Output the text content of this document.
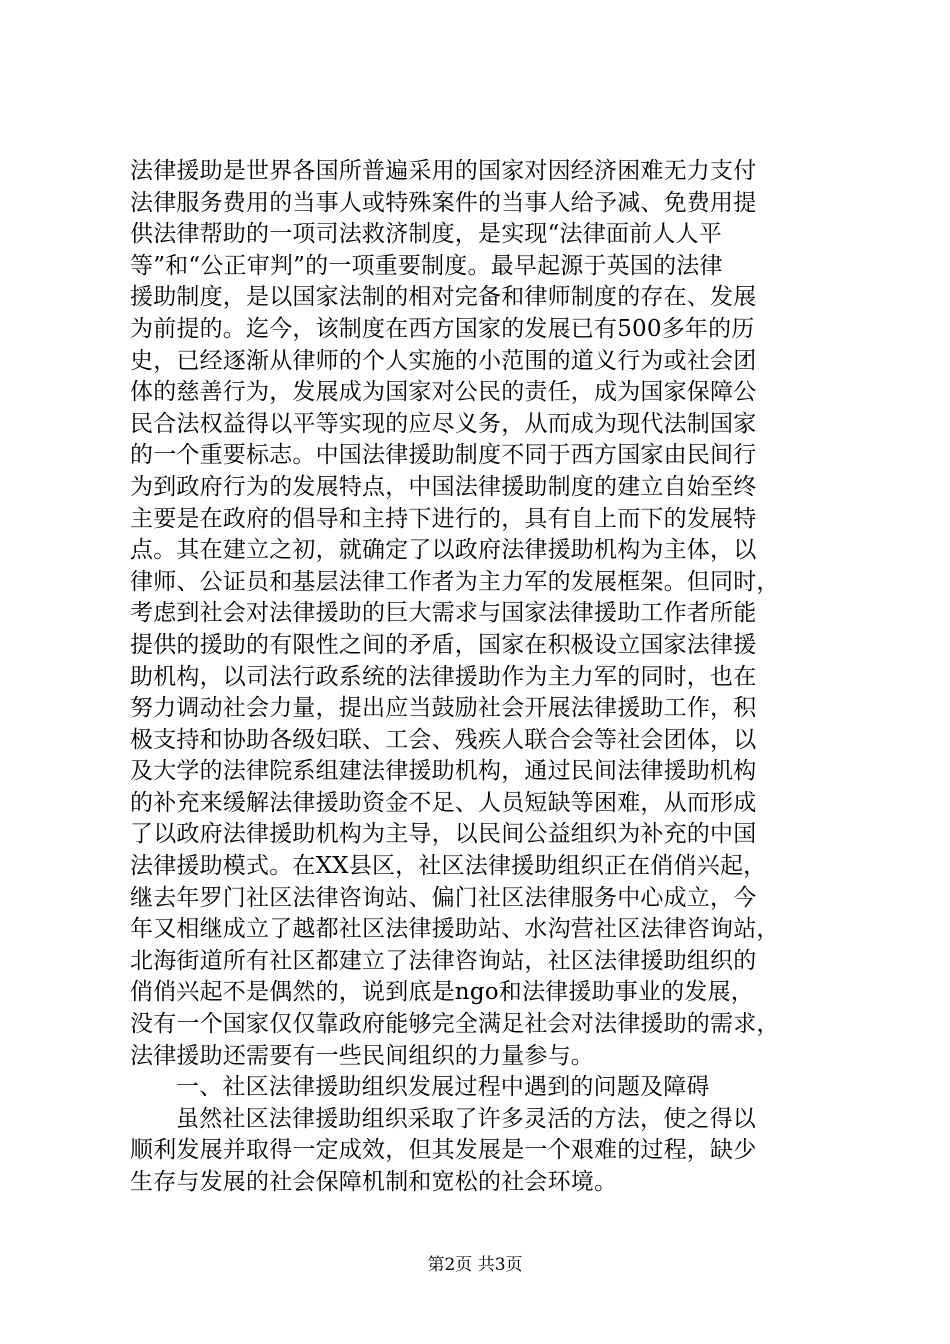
法律援助是世界各国所普遍采用的国家对因经济困难无力支付
法律服务费用的当事人或特殊案件的当事人给予减、免费用提
供法律帮助的一项司法救济制度，是实现“法律面前人人平
等”和“公正审判”的一项重要制度。最早起源于英国的法律
援助制度，是以国家法制的相对完备和律师制度的存在、发展
为前提的。迄今，该制度在西方国家的发展已有500多年的历
史，已经逐渐从律师的个人实施的小范围的道义行为或社会团
体的慈善行为，发展成为国家对公民的责任，成为国家保障公
民合法权益得以平等实现的应尽义务，从而成为现代法制国家
的一个重要标志。中国法律援助制度不同于西方国家由民间行
为到政府行为的发展特点，中国法律援助制度的建立自始至终
主要是在政府的倡导和主持下进行的，具有自上而下的发展特
点。其在建立之初，就确定了以政府法律援助机构为主体，以
律师、公证员和基层法律工作者为主力军的发展框架。但同时，
考虑到社会对法律援助的巨大需求与国家法律援助工作者所能
提供的援助的有限性之间的矛盾，国家在积极设立国家法律援
助机构，以司法行政系统的法律援助作为主力军的同时，也在
努力调动社会力量，提出应当鼓励社会开展法律援助工作，积
极支持和协助各级妇联、工会、残疾人联合会等社会团体，以
及大学的法律院系组建法律援助机构，通过民间法律援助机构
的补充来缓解法律援助资金不足、人员短缺等困难，从而形成
了以政府法律援助机构为主导，以民间公益组织为补充的中国
法律援助模式。在XX县区，社区法律援助组织正在俏俏兴起，
继去年罗门社区法律咨询站、偏门社区法律服务中心成立，今
年又相继成立了越都社区法律援助站、水沟营社区法律咨询站，
北海街道所有社区都建立了法律咨询站，社区法律援助组织的
俏俏兴起不是偶然的，说到底是ngo和法律援助事业的发展，
没有一个国家仅仅靠政府能够完全满足社会对法律援助的需求，
法律援助还需要有一些民间组织的力量参与。
一、社区法律援助组织发展过程中遇到的问题及障碍
虽然社区法律援助组织采取了许多灵活的方法，使之得以
顺利发展并取得一定成效，但其发展是一个艰难的过程，缺少
生存与发展的社会保障机制和宽松的社会环境。
第2页 共3页
